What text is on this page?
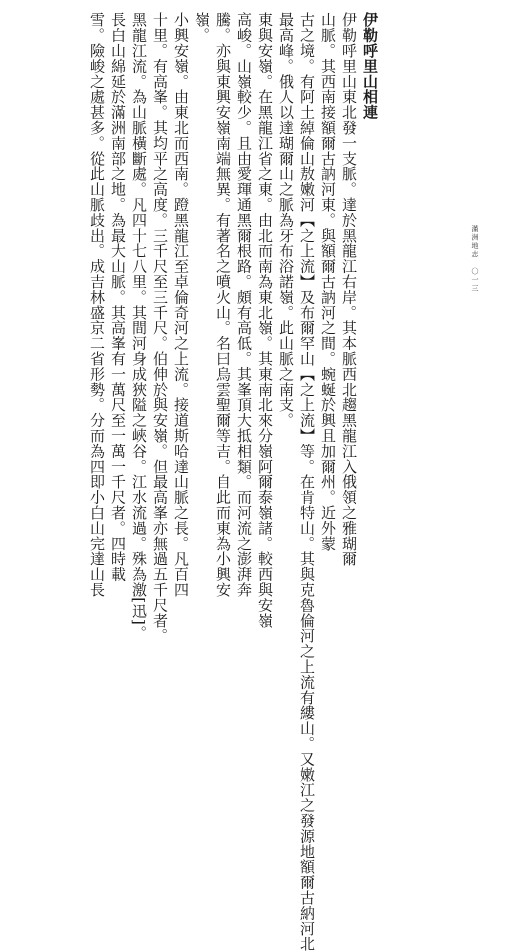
伊勒呼里山相連
伊勒呼里山東北發一支脈。達於黑龍江右岸。其本脈西北趨黑龍江入俄領之雅瑚爾
山脈。其西南接額爾古訥河東。與額爾古訥河之間。蜿蜒於興且加爾州。近外蒙
古之境。有阿土綽倫山敖嫩河【之上流】及布爾罕山【之上流】等。在肯特山。其與克魯倫河之上流有縷山。又嫩江之發源地額爾古納河北
最高峰。俄人以達瑚爾山之脈為牙布浴諾嶺。此山脈之南支。
東與安嶺。在黑龍江省之東。由北而南為東北嶺。其東南北來分嶺阿爾泰嶺諸。較西與安嶺
高峻。山嶺較少。且由愛琿通黑爾根路。頗有高低。其峯頂大抵相類。而河流之澎湃奔
騰。亦與東興安嶺南端無異。有著名之噴火山。名曰烏雲聖爾等吉。自此而東為小興安
嶺。
小興安嶺。由東北而西南。蹬黑龍江至卓倫奇河之上流。接道斯哈達山脈之長。凡百四
十里。有高峯。其均平之高度。三千尺至三千尺。伯伸於與安嶺。但最高峯亦無過五千尺者。
黑龍江流。為山脈橫斷處。凡四十七八里。其間河身成狹隘之峽谷。江水流過。殊為激[迅]。
長白山綿延於滿洲南部之地。為最大山脈。其高峯有一萬尺至一萬一千尺者。四時載
雪。險峻之處甚多。從此山脈歧出。成吉林盛京二省形勢。分而為四即小白山完達山長	滿洲地志　〇一三
